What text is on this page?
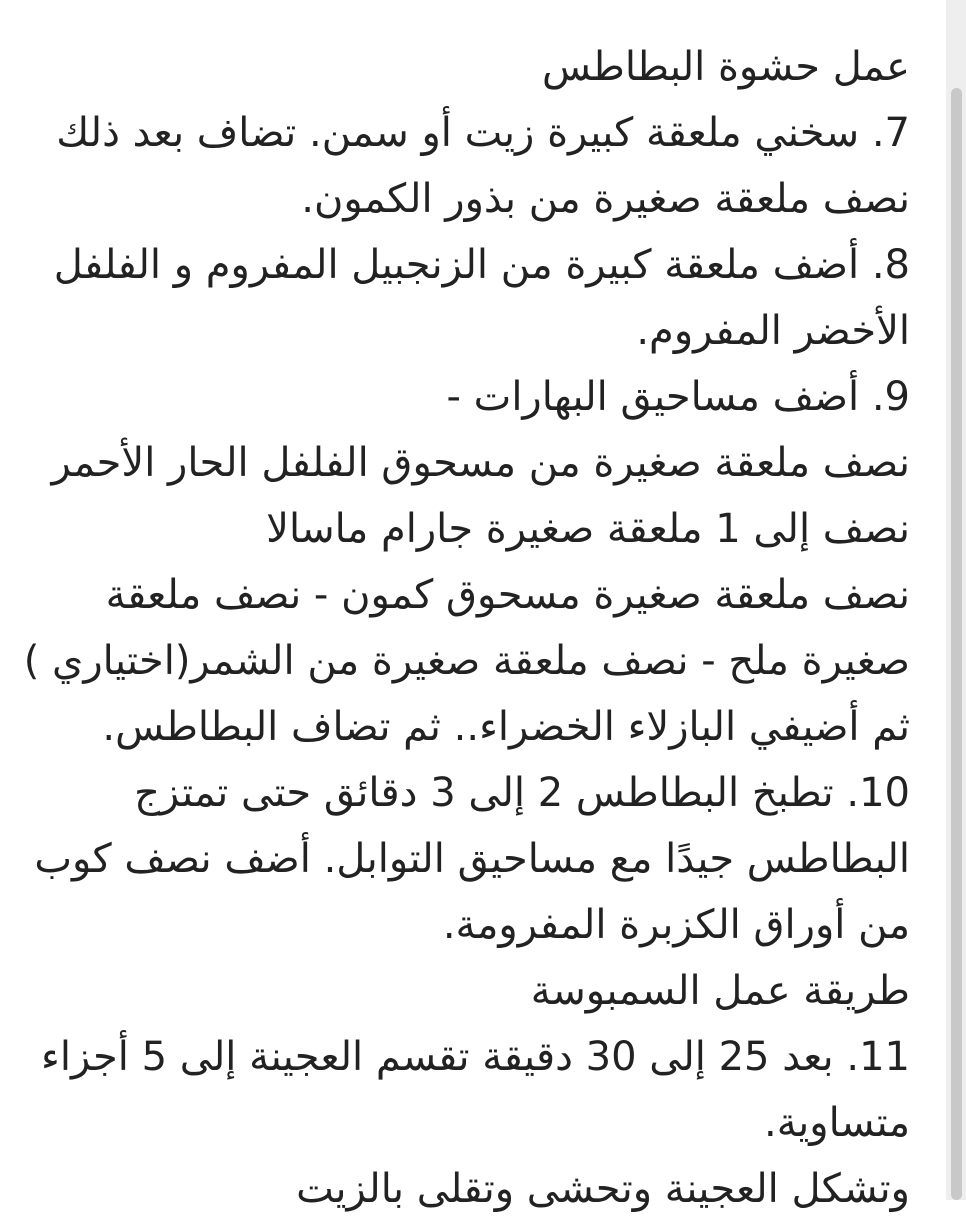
عمل حشوة البطاطس
7. سخني ملعقة كبيرة زيت أو سمن. تضاف بعد ذلك
نصف ملعقة صغيرة من بذور الكمون.
8. أضف ملعقة كبيرة من الزنجبيل المفروم و الفلفل
الأخضر المفروم.
9. أضف مساحيق البهارات -
نصف ملعقة صغيرة من مسحوق الفلفل الحار الأحمر
نصف إلى 1 ملعقة صغيرة جارام ماسالا
نصف ملعقة صغيرة مسحوق كمون - نصف ملعقة
صغيرة ملح - نصف ملعقة صغيرة من الشمر(اختياري )
ثم أضيفي البازلاء الخضراء.. ثم تضاف البطاطس.
10. تطبخ البطاطس 2 إلى 3 دقائق حتى تمتزج
البطاطس جيدًا مع مساحيق التوابل. أضف نصف كوب
من أوراق الكزبرة المفرومة.
طريقة عمل السمبوسة
11. بعد 25 إلى 30 دقيقة تقسم العجينة إلى 5 أجزاء
متساوية.
وتشكل العجينة وتحشى وتقلى بالزيت
